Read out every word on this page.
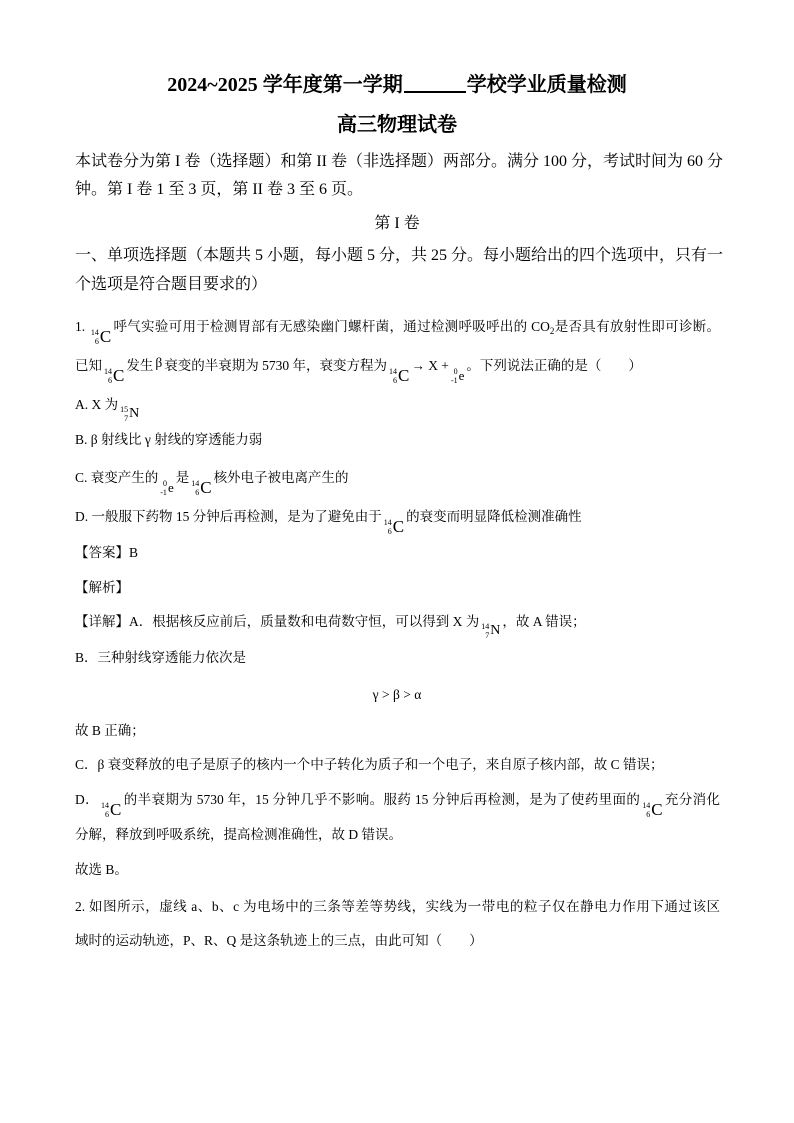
2024~2025 学年度第一学期	学校学业质量检测
高三物理试卷
本试卷分为第 I 卷（选择题）和第 II 卷（非选择题）两部分。满分 100 分，考试时间为 60 分
钟。第 I 卷 1 至 3 页，第 II 卷 3 至 6 页。
第 I 卷
一、单项选择题（本题共 5 小题，每小题 5 分，共 25 分。每小题给出的四个选项中，只有一
个选项是符合题目要求的）
1. 14
6 C
呼气实验可用于检测胃部有无感染幽门螺杆菌，通过检测呼吸呼出的 $CO_2$是否具有放射性即可诊断。
已知 14
6 C
发生 β 衰变的半衰期为 5730 年，衰变方程为 14
6 C
→ X + 0
-1 e
。下列说法正确的是（　　）
A. X 为 15
7 N
B. β 射线比 γ 射线的穿透能力弱
C. 衰变产生的 0
-1 e
是 14
6 C
核外电子被电离产生的
D. 一般服下药物 15 分钟后再检测，是为了避免由于 14
6 C
的衰变而明显降低检测准确性
【答案】B
【解析】
【详解】A．根据核反应前后，质量数和电荷数守恒，可以得到 X 为 14
7 N
，故 A 错误；
B．三种射线穿透能力依次是
γ > β > α
故 B 正确；
C．β 衰变释放的电子是原子的核内一个中子转化为质子和一个电子，来自原子核内部，故 C 错误；
D． 14
6 C
的半衰期为 5730 年，15 分钟几乎不影响。服药 15 分钟后再检测，是为了使药里面的 14
6 C
充分消化
分解，释放到呼吸系统，提高检测准确性，故 D 错误。
故选 B。
2. 如图所示，虚线 a、b、c 为电场中的三条等差等势线，实线为一带电的粒子仅在静电力作用下通过该区
域时的运动轨迹，P、R、Q 是这条轨迹上的三点，由此可知（　　）
